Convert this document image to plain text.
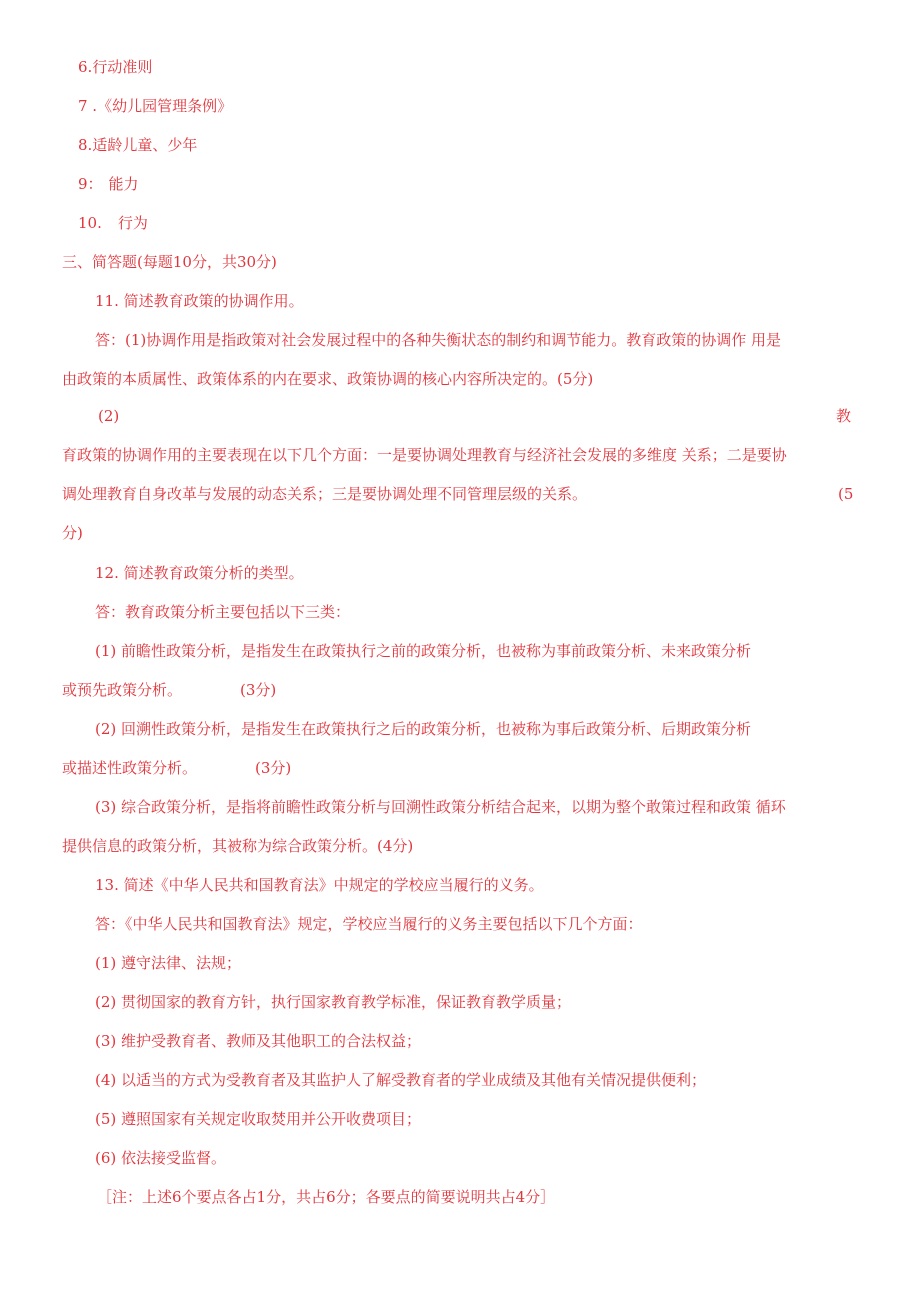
6.行动准则
7 .《幼儿园管理条例》
8.适龄儿童、少年
9： 能力
10. 行为
三、简答题(每题10分，共30分)
11. 简述教育政策的协调作用。
答：(1)协调作用是指政策对社会发展过程中的各种失衡状态的制约和调节能力。教育政策的协调作 用是
由政策的本质属性、政策体系的内在要求、政策协调的核心内容所决定的。(5分)
(2)	教
育政策的协调作用的主要表现在以下几个方面：一是要协调处理教育与经济社会发展的多维度 关系；二是要协
调处理教育自身改革与发展的动态关系；三是要协调处理不同管理层级的关系。	(5
分)
12. 简述教育政策分析的类型。
答：教育政策分析主要包括以下三类：
(1) 前瞻性政策分析，是指发生在政策执行之前的政策分析，也被称为事前政策分析、未来政策分析
或预先政策分析。	(3分)
(2) 回溯性政策分析，是指发生在政策执行之后的政策分析，也被称为事后政策分析、后期政策分析
或描述性政策分析。	(3分)
(3) 综合政策分析，是指将前瞻性政策分析与回溯性政策分析结合起来，以期为整个敢策过程和政策 循环
提供信息的政策分析，其被称为综合政策分析。(4分)
13. 简述《中华人民共和国教育法》中规定的学校应当履行的义务。
答：《中华人民共和国教育法》规定，学校应当履行的义务主要包括以下几个方面：
(1) 遵守法律、法规；
(2) 贯彻国家的教育方针，执行国家教育教学标准，保证教育教学质量；
(3) 维护受教育者、教师及其他职工的合法权益；
(4) 以适当的方式为受教育者及其监护人了解受教育者的学业成绩及其他有关情况提供便利；
(5) 遵照国家有关规定收取焚用并公开收费项目；
(6) 依法接受监督。
［注：上述6个要点各占1分，共占6分；各要点的简要说明共占4分］
